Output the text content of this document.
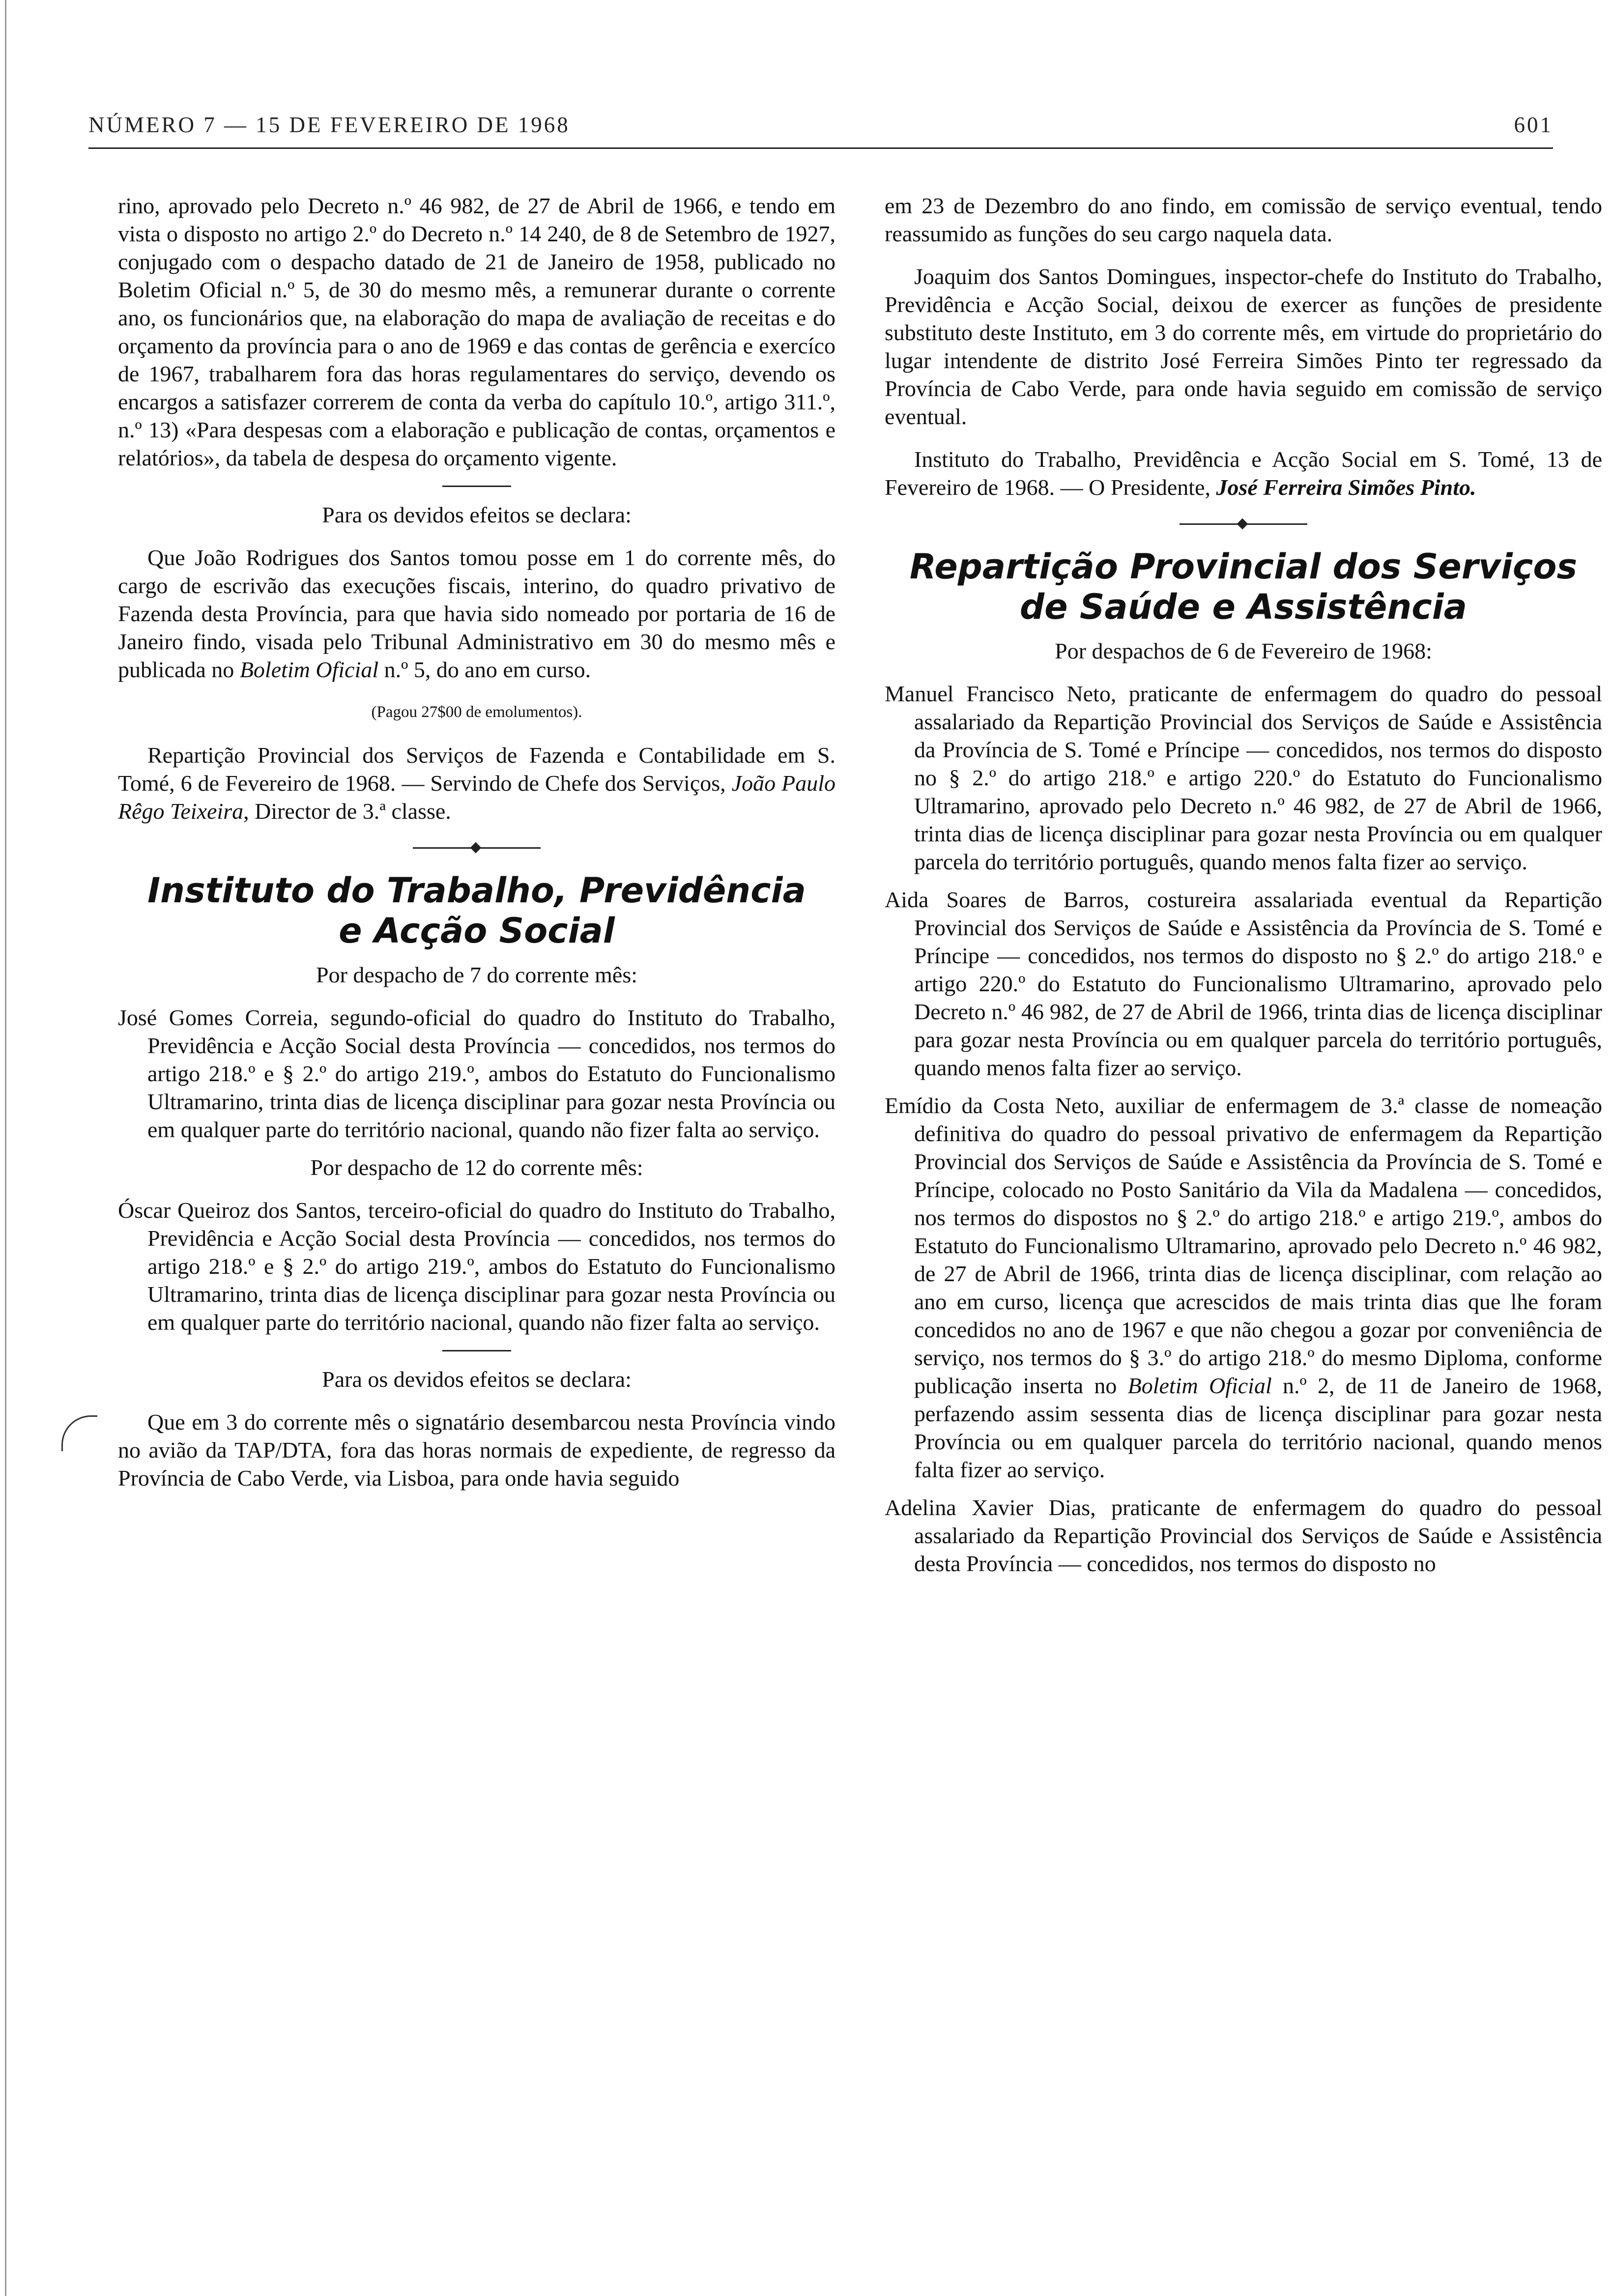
NÚMERO 7 — 15 DE FEVEREIRO DE 1968	601

rino, aprovado pelo Decreto n.º 46 982, de 27 de Abril de 1966, e tendo em vista o disposto no artigo 2.º do Decreto n.º 14 240, de 8 de Setembro de 1927, conjugado com o despacho datado de 21 de Janeiro de 1958, publicado no Boletim Oficial n.º 5, de 30 do mesmo mês, a remunerar durante o corrente ano, os funcionários que, na elaboração do mapa de avaliação de receitas e do orçamento da província para o ano de 1969 e das contas de gerência e exercíco de 1967, trabalharem fora das horas regulamentares do serviço, devendo os encargos a satisfazer correrem de conta da verba do capítulo 10.º, artigo 311.º, n.º 13) «Para despesas com a elaboração e publicação de contas, orçamentos e relatórios», da tabela de despesa do orçamento vigente.

Para os devidos efeitos se declara:

Que João Rodrigues dos Santos tomou posse em 1 do corrente mês, do cargo de escrivão das execuções fiscais, interino, do quadro privativo de Fazenda desta Província, para que havia sido nomeado por portaria de 16 de Janeiro findo, visada pelo Tribunal Administrativo em 30 do mesmo mês e publicada no Boletim Oficial n.º 5, do ano em curso.

(Pagou 27$00 de emolumentos).

Repartição Provincial dos Serviços de Fazenda e Contabilidade em S. Tomé, 6 de Fevereiro de 1968. — Servindo de Chefe dos Serviços, João Paulo Rêgo Teixeira, Director de 3.ª classe.

Instituto do Trabalho, Previdência
e Acção Social

Por despacho de 7 do corrente mês:

José Gomes Correia, segundo-oficial do quadro do Instituto do Trabalho, Previdência e Acção Social desta Província — concedidos, nos termos do artigo 218.º e § 2.º do artigo 219.º, ambos do Estatuto do Funcionalismo Ultramarino, trinta dias de licença disciplinar para gozar nesta Província ou em qualquer parte do território nacional, quando não fizer falta ao serviço.

Por despacho de 12 do corrente mês:

Óscar Queiroz dos Santos, terceiro-oficial do quadro do Instituto do Trabalho, Previdência e Acção Social desta Província — concedidos, nos termos do artigo 218.º e § 2.º do artigo 219.º, ambos do Estatuto do Funcionalismo Ultramarino, trinta dias de licença disciplinar para gozar nesta Província ou em qualquer parte do território nacional, quando não fizer falta ao serviço.

Para os devidos efeitos se declara:

Que em 3 do corrente mês o signatário desembarcou nesta Província vindo no avião da TAP/DTA, fora das horas normais de expediente, de regresso da Província de Cabo Verde, via Lisboa, para onde havia seguido

em 23 de Dezembro do ano findo, em comissão de serviço eventual, tendo reassumido as funções do seu cargo naquela data.

Joaquim dos Santos Domingues, inspector-chefe do Instituto do Trabalho, Previdência e Acção Social, deixou de exercer as funções de presidente substituto deste Instituto, em 3 do corrente mês, em virtude do proprietário do lugar intendente de distrito José Ferreira Simões Pinto ter regressado da Província de Cabo Verde, para onde havia seguido em comissão de serviço eventual.

Instituto do Trabalho, Previdência e Acção Social em S. Tomé, 13 de Fevereiro de 1968. — O Presidente, José Ferreira Simões Pinto.

Repartição Provincial dos Serviços
de Saúde e Assistência

Por despachos de 6 de Fevereiro de 1968:

Manuel Francisco Neto, praticante de enfermagem do quadro do pessoal assalariado da Repartição Provincial dos Serviços de Saúde e Assistência da Província de S. Tomé e Príncipe — concedidos, nos termos do disposto no § 2.º do artigo 218.º e artigo 220.º do Estatuto do Funcionalismo Ultramarino, aprovado pelo Decreto n.º 46 982, de 27 de Abril de 1966, trinta dias de licença disciplinar para gozar nesta Província ou em qualquer parcela do território português, quando menos falta fizer ao serviço.

Aida Soares de Barros, costureira assalariada eventual da Repartição Provincial dos Serviços de Saúde e Assistência da Província de S. Tomé e Príncipe — concedidos, nos termos do disposto no § 2.º do artigo 218.º e artigo 220.º do Estatuto do Funcionalismo Ultramarino, aprovado pelo Decreto n.º 46 982, de 27 de Abril de 1966, trinta dias de licença disciplinar para gozar nesta Província ou em qualquer parcela do território português, quando menos falta fizer ao serviço.

Emídio da Costa Neto, auxiliar de enfermagem de 3.ª classe de nomeação definitiva do quadro do pessoal privativo de enfermagem da Repartição Provincial dos Serviços de Saúde e Assistência da Província de S. Tomé e Príncipe, colocado no Posto Sanitário da Vila da Madalena — concedidos, nos termos do dispostos no § 2.º do artigo 218.º e artigo 219.º, ambos do Estatuto do Funcionalismo Ultramarino, aprovado pelo Decreto n.º 46 982, de 27 de Abril de 1966, trinta dias de licença disciplinar, com relação ao ano em curso, licença que acrescidos de mais trinta dias que lhe foram concedidos no ano de 1967 e que não chegou a gozar por conveniência de serviço, nos termos do § 3.º do artigo 218.º do mesmo Diploma, conforme publicação inserta no Boletim Oficial n.º 2, de 11 de Janeiro de 1968, perfazendo assim sessenta dias de licença disciplinar para gozar nesta Província ou em qualquer parcela do território nacional, quando menos falta fizer ao serviço.

Adelina Xavier Dias, praticante de enfermagem do quadro do pessoal assalariado da Repartição Provincial dos Serviços de Saúde e Assistência desta Província — concedidos, nos termos do disposto no
